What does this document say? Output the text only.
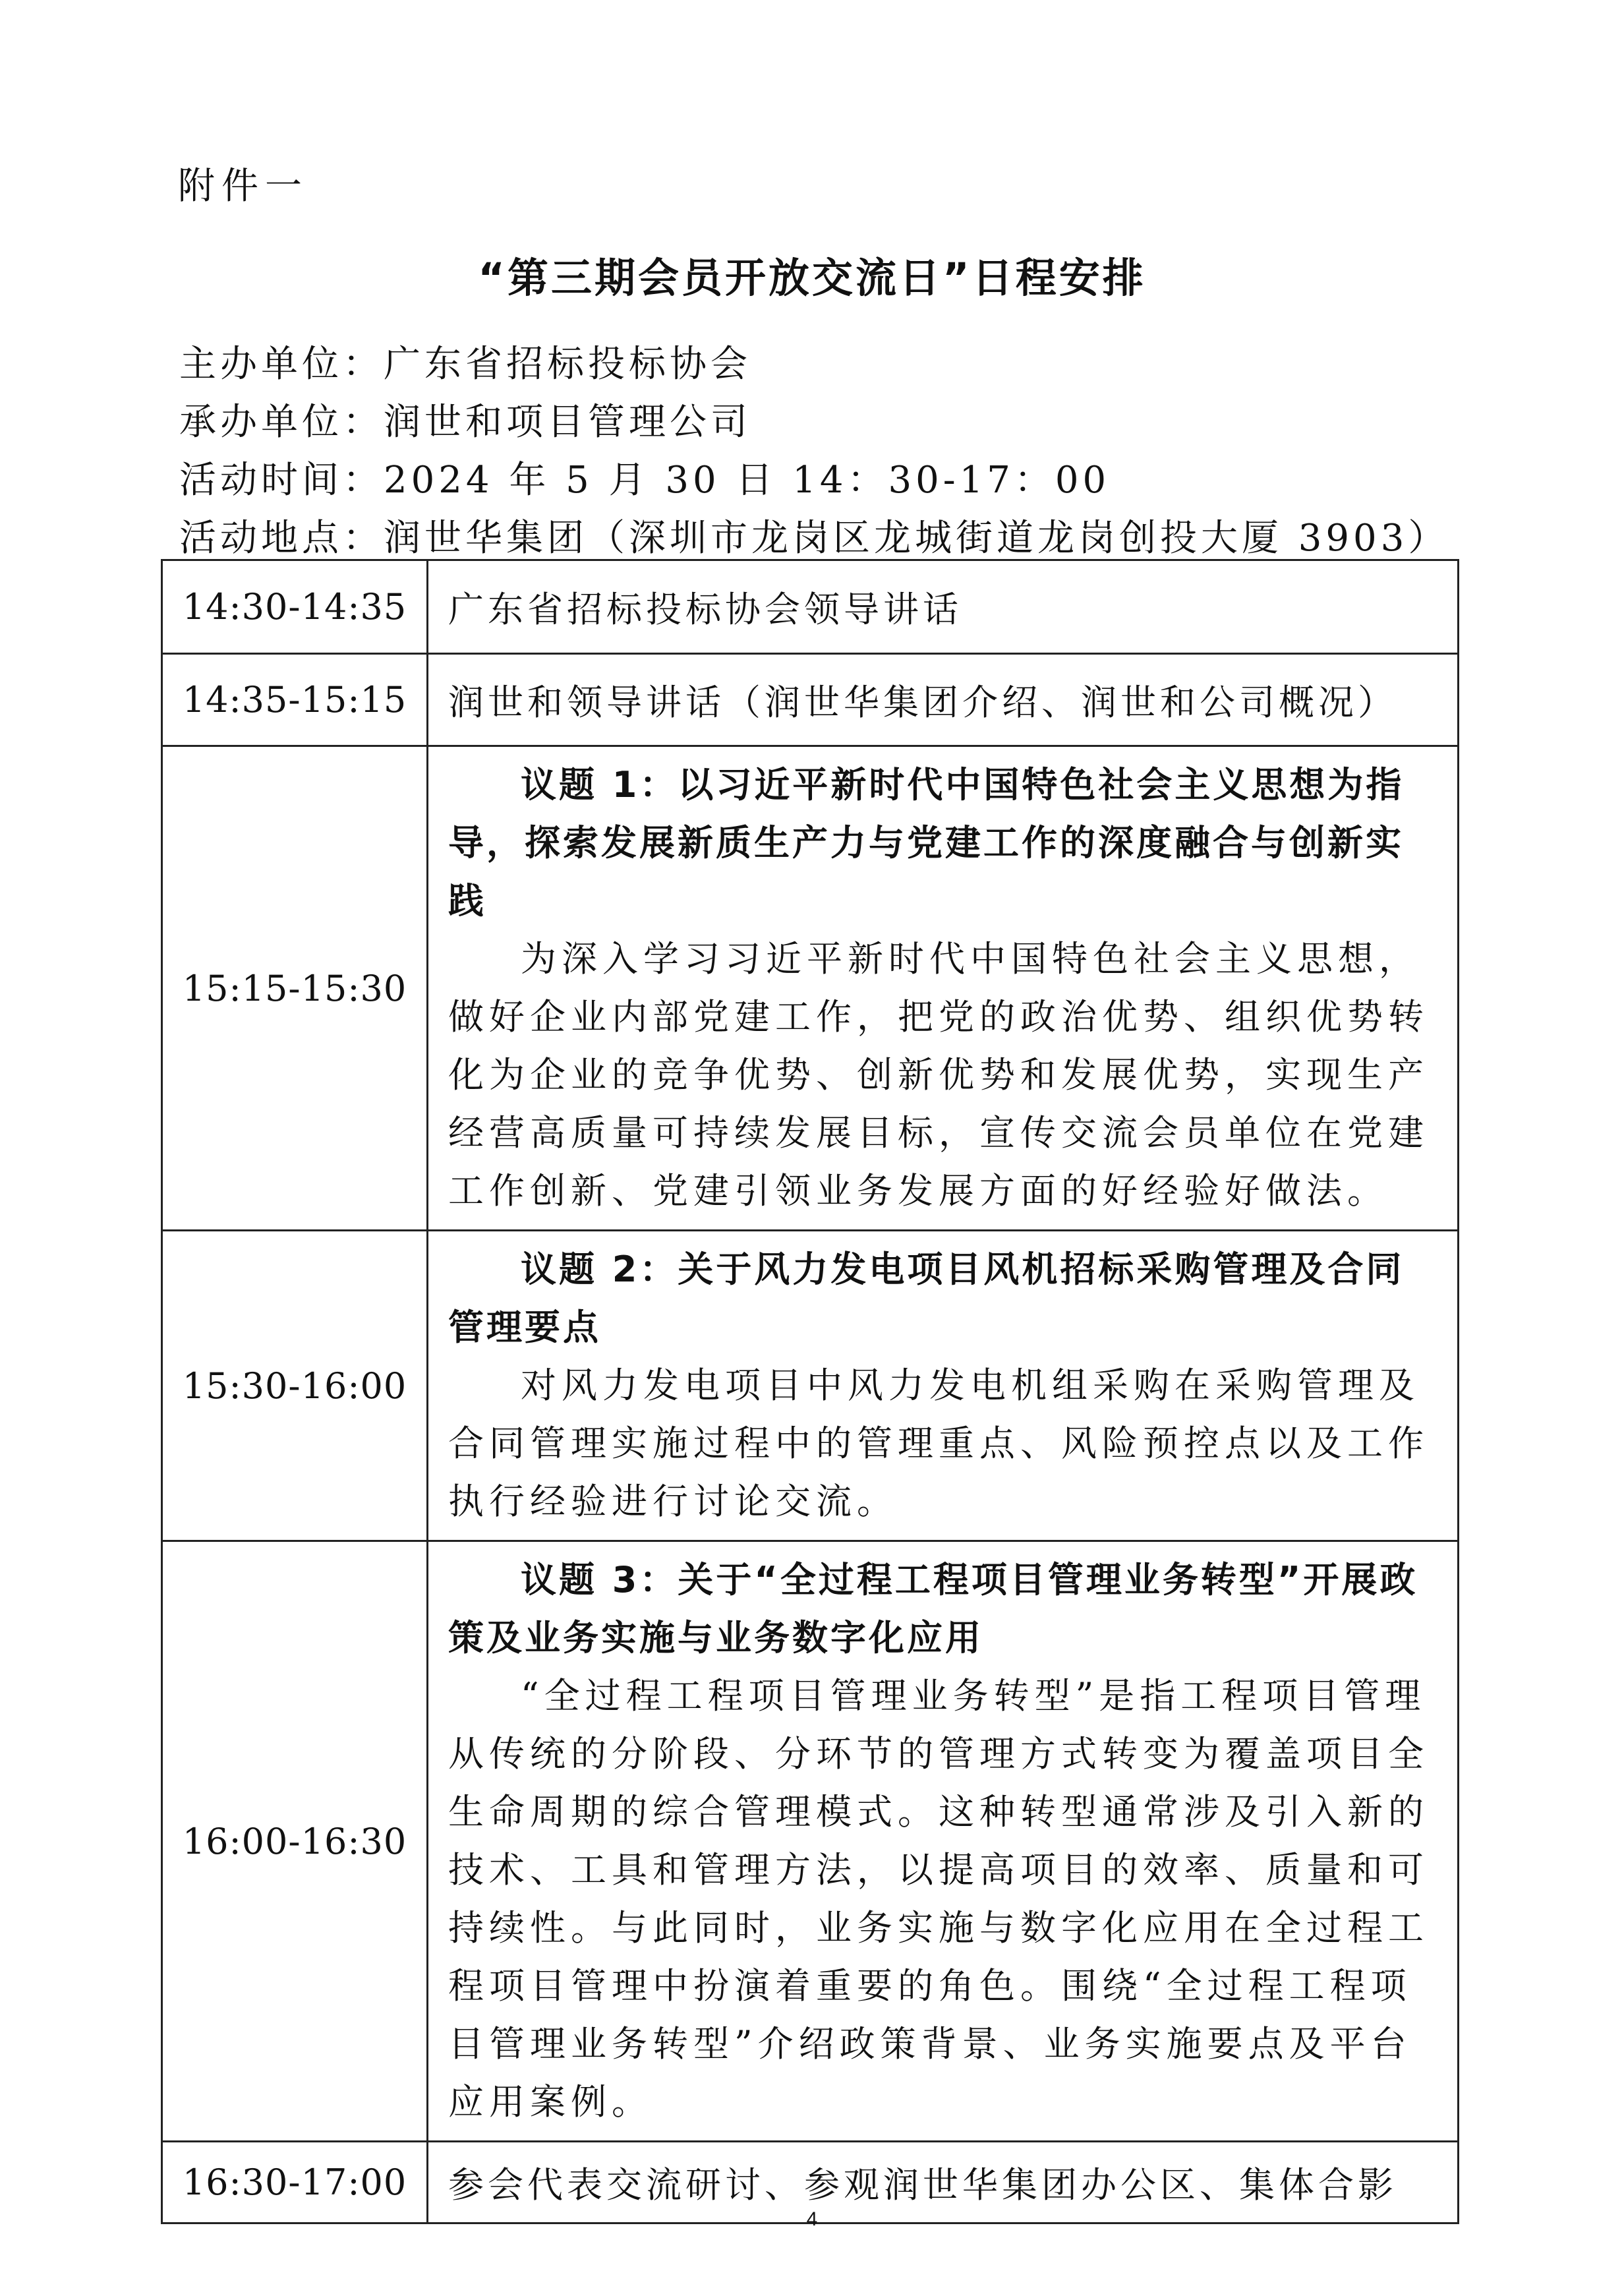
附件一
“第三期会员开放交流日”日程安排
主办单位：广东省招标投标协会
承办单位：润世和项目管理公司
活动时间：2024 年 5 月 30 日 14：30-17：00
活动地点：润世华集团（深圳市龙岗区龙城街道龙岗创投大厦 3903）
14:30-14:35	广东省招标投标协会领导讲话
14:35-15:15	润世和领导讲话（润世华集团介绍、润世和公司概况）
15:15-15:30	议题 1：以习近平新时代中国特色社会主义思想为指导，探索发展新质生产力与党建工作的深度融合与创新实践
为深入学习习近平新时代中国特色社会主义思想，做好企业内部党建工作，把党的政治优势、组织优势转化为企业的竞争优势、创新优势和发展优势，实现生产经营高质量可持续发展目标，宣传交流会员单位在党建工作创新、党建引领业务发展方面的好经验好做法。

15:30-16:00	议题 2：关于风力发电项目风机招标采购管理及合同管理要点
对风力发电项目中风力发电机组采购在采购管理及合同管理实施过程中的管理重点、风险预控点以及工作执行经验进行讨论交流。

16:00-16:30	议题 3：关于“全过程工程项目管理业务转型”开展政策及业务实施与业务数字化应用
“全过程工程项目管理业务转型”是指工程项目管理从传统的分阶段、分环节的管理方式转变为覆盖项目全生命周期的综合管理模式。这种转型通常涉及引入新的技术、工具和管理方法，以提高项目的效率、质量和可持续性。与此同时，业务实施与数字化应用在全过程工程项目管理中扮演着重要的角色。围绕“全过程工程项目管理业务转型”介绍政策背景、业务实施要点及平台应用案例。

16:30-17:00	参会代表交流研讨、参观润世华集团办公区、集体合影
4
